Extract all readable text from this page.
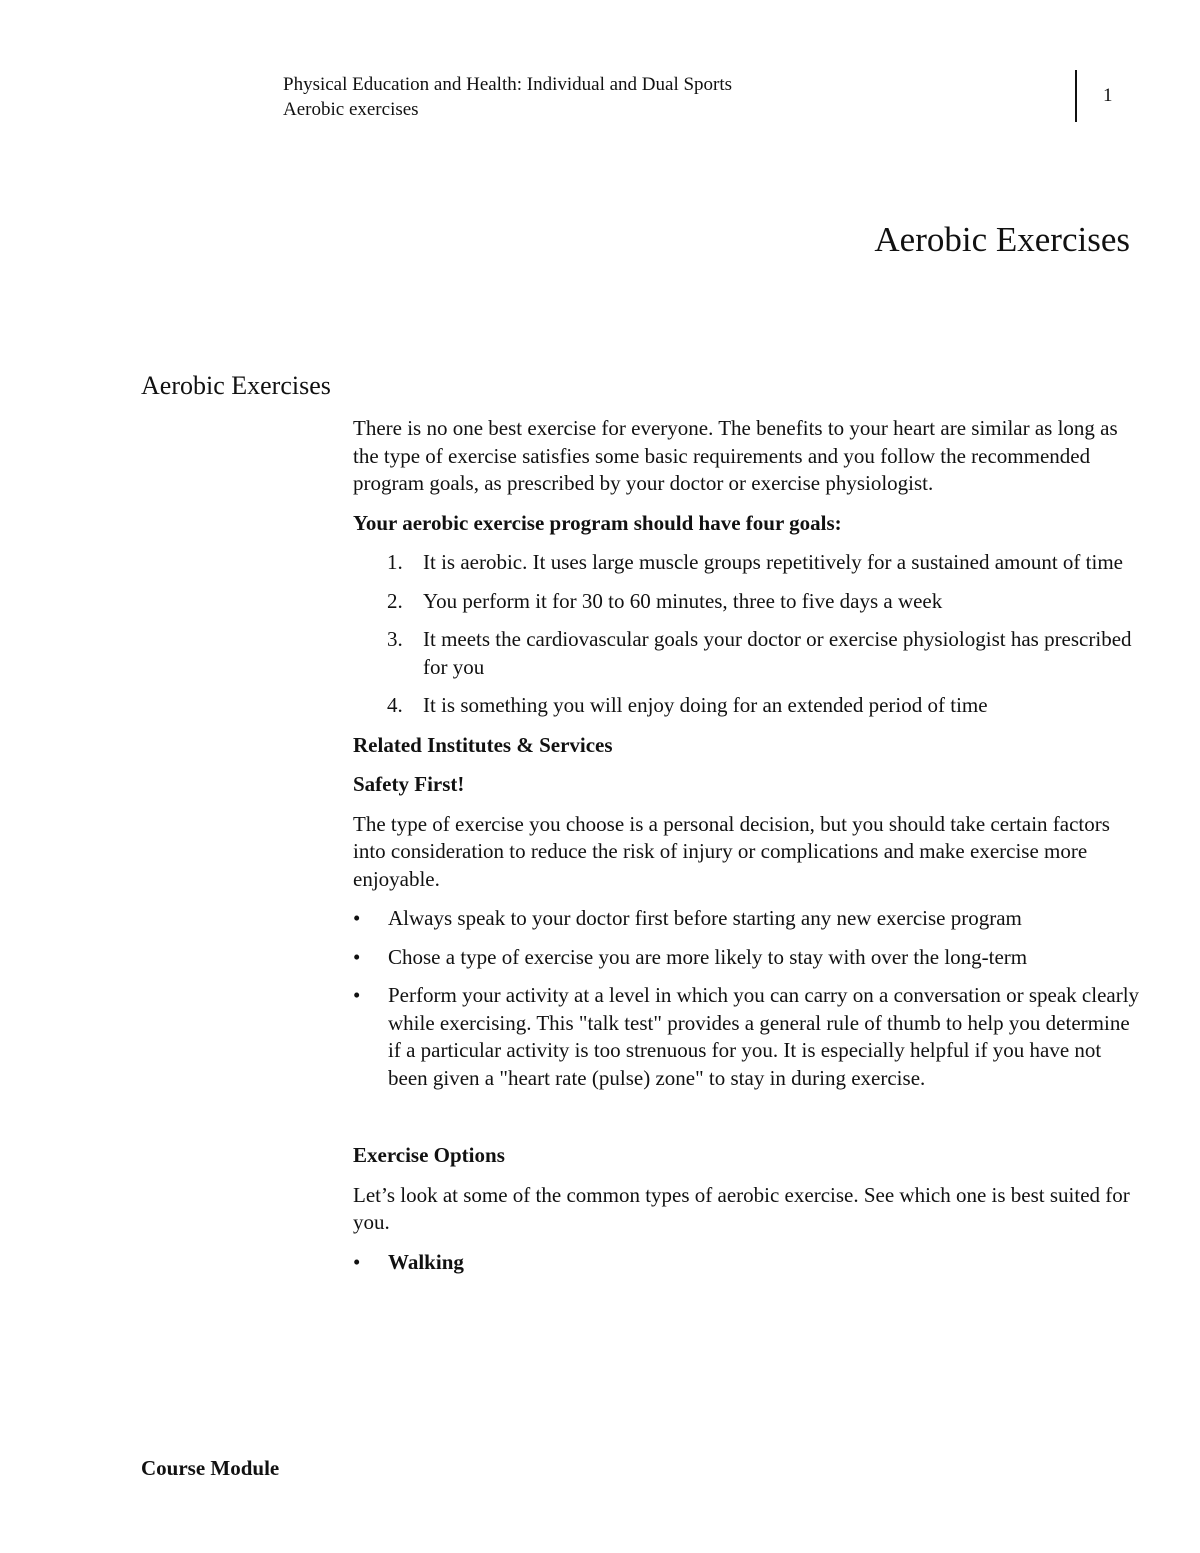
Physical Education and Health: Individual and Dual Sports
Aerobic exercises
1
Aerobic Exercises
Aerobic Exercises

There is no one best exercise for everyone. The benefits to your heart are similar as long as the type of exercise satisfies some basic requirements and you follow the recommended program goals, as prescribed by your doctor or exercise physiologist.

Your aerobic exercise program should have four goals:

1. It is aerobic. It uses large muscle groups repetitively for a sustained amount of time
2. You perform it for 30 to 60 minutes, three to five days a week
3. It meets the cardiovascular goals your doctor or exercise physiologist has prescribed for you
4. It is something you will enjoy doing for an extended period of time

Related Institutes & Services

Safety First!

The type of exercise you choose is a personal decision, but you should take certain factors into consideration to reduce the risk of injury or complications and make exercise more enjoyable.

• Always speak to your doctor first before starting any new exercise program
• Chose a type of exercise you are more likely to stay with over the long-term
• Perform your activity at a level in which you can carry on a conversation or speak clearly while exercising. This "talk test" provides a general rule of thumb to help you determine if a particular activity is too strenuous for you. It is especially helpful if you have not been given a "heart rate (pulse) zone" to stay in during exercise.

Exercise Options

Let’s look at some of the common types of aerobic exercise. See which one is best suited for you.

• Walking
Course Module
